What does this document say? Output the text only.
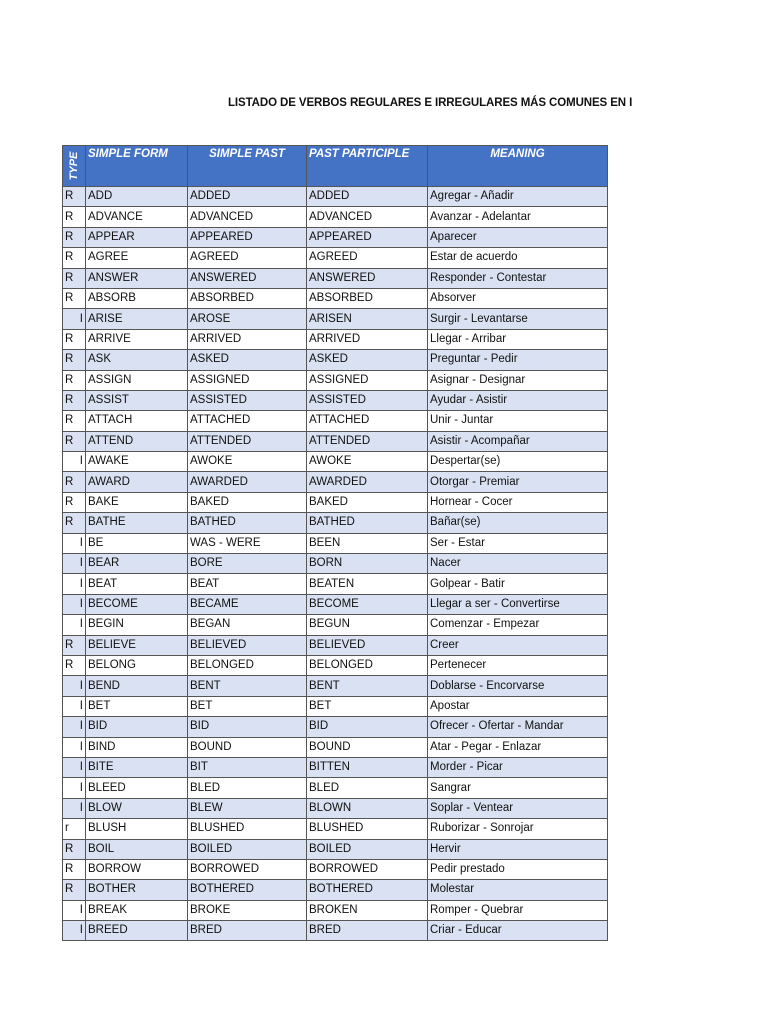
LISTADO DE VERBOS REGULARES E IRREGULARES MÁS COMUNES EN I
TYPE	SIMPLE FORM	SIMPLE PAST	PAST PARTICIPLE	MEANING
R	ADD	ADDED	ADDED	Agregar - Añadir
R	ADVANCE	ADVANCED	ADVANCED	Avanzar - Adelantar
R	APPEAR	APPEARED	APPEARED	Aparecer
R	AGREE	AGREED	AGREED	Estar de acuerdo
R	ANSWER	ANSWERED	ANSWERED	Responder - Contestar
R	ABSORB	ABSORBED	ABSORBED	Absorver
I	ARISE	AROSE	ARISEN	Surgir - Levantarse
R	ARRIVE	ARRIVED	ARRIVED	Llegar - Arribar
R	ASK	ASKED	ASKED	Preguntar - Pedir
R	ASSIGN	ASSIGNED	ASSIGNED	Asignar - Designar
R	ASSIST	ASSISTED	ASSISTED	Ayudar - Asistir
R	ATTACH	ATTACHED	ATTACHED	Unir - Juntar
R	ATTEND	ATTENDED	ATTENDED	Asistir - Acompañar
I	AWAKE	AWOKE	AWOKE	Despertar(se)
R	AWARD	AWARDED	AWARDED	Otorgar - Premiar
R	BAKE	BAKED	BAKED	Hornear - Cocer
R	BATHE	BATHED	BATHED	Bañar(se)
I	BE	WAS - WERE	BEEN	Ser - Estar
I	BEAR	BORE	BORN	Nacer
I	BEAT	BEAT	BEATEN	Golpear - Batir
I	BECOME	BECAME	BECOME	Llegar a ser - Convertirse
I	BEGIN	BEGAN	BEGUN	Comenzar - Empezar
R	BELIEVE	BELIEVED	BELIEVED	Creer
R	BELONG	BELONGED	BELONGED	Pertenecer
I	BEND	BENT	BENT	Doblarse - Encorvarse
I	BET	BET	BET	Apostar
I	BID	BID	BID	Ofrecer - Ofertar - Mandar
I	BIND	BOUND	BOUND	Atar - Pegar - Enlazar
I	BITE	BIT	BITTEN	Morder - Picar
I	BLEED	BLED	BLED	Sangrar
I	BLOW	BLEW	BLOWN	Soplar - Ventear
r	BLUSH	BLUSHED	BLUSHED	Ruborizar - Sonrojar
R	BOIL	BOILED	BOILED	Hervir
R	BORROW	BORROWED	BORROWED	Pedir prestado
R	BOTHER	BOTHERED	BOTHERED	Molestar
I	BREAK	BROKE	BROKEN	Romper - Quebrar
I	BREED	BRED	BRED	Criar - Educar
